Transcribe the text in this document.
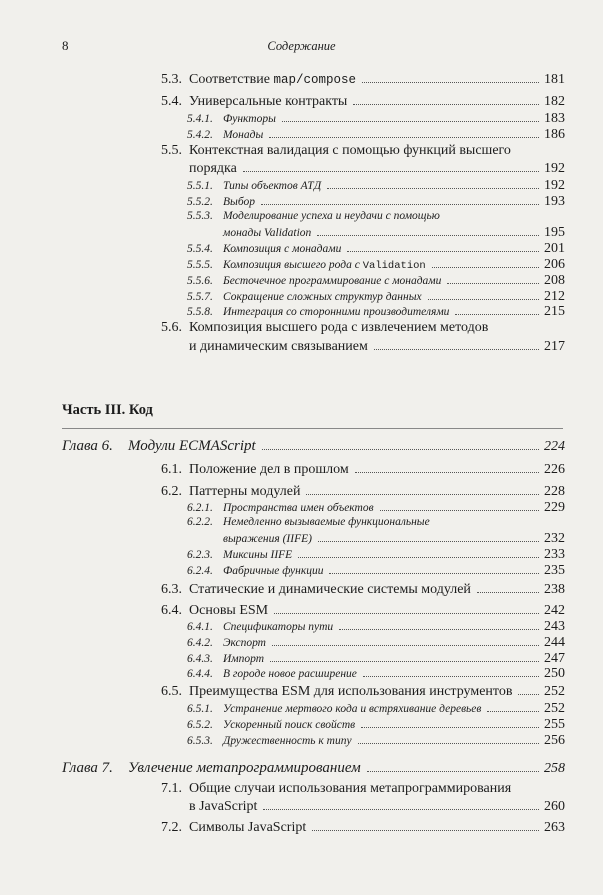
8	Содержание
5.3. Соответствие map/compose	181
5.4. Универсальные контракты	182
5.4.1. Функторы	183
5.4.2. Монады	186
5.5. Контекстная валидация с помощью функций высшего
порядка	192
5.5.1. Типы объектов АТД	192
5.5.2. Выбор	193
5.5.3. Моделирование успеха и неудачи с помощью
монады Validation	195
5.5.4. Композиция с монадами	201
5.5.5. Композиция высшего рода с Validation	206
5.5.6. Бесточечное программирование с монадами	208
5.5.7. Сокращение сложных структур данных	212
5.5.8. Интеграция со сторонними производителями	215
5.6. Композиция высшего рода с извлечением методов
и динамическим связыванием	217
Часть III. Код
Глава 6.	Модули ECMAScript	224
6.1. Положение дел в прошлом	226
6.2. Паттерны модулей	228
6.2.1. Пространства имен объектов	229
6.2.2. Немедленно вызываемые функциональные
выражения (IIFE)	232
6.2.3. Миксины IIFE	233
6.2.4. Фабричные функции	235
6.3. Статические и динамические системы модулей	238
6.4. Основы ESM	242
6.4.1. Спецификаторы пути	243
6.4.2. Экспорт	244
6.4.3. Импорт	247
6.4.4. В городе новое расширение	250
6.5. Преимущества ESM для использования инструментов 252
6.5.1. Устранение мертвого кода и встряхивание деревьев	252
6.5.2. Ускоренный поиск свойств	255
6.5.3. Дружественность к типу	256
Глава 7.	Увлечение метапрограммированием	258
7.1. Общие случаи использования метапрограммирования
в JavaScript	260
7.2. Символы JavaScript	263
